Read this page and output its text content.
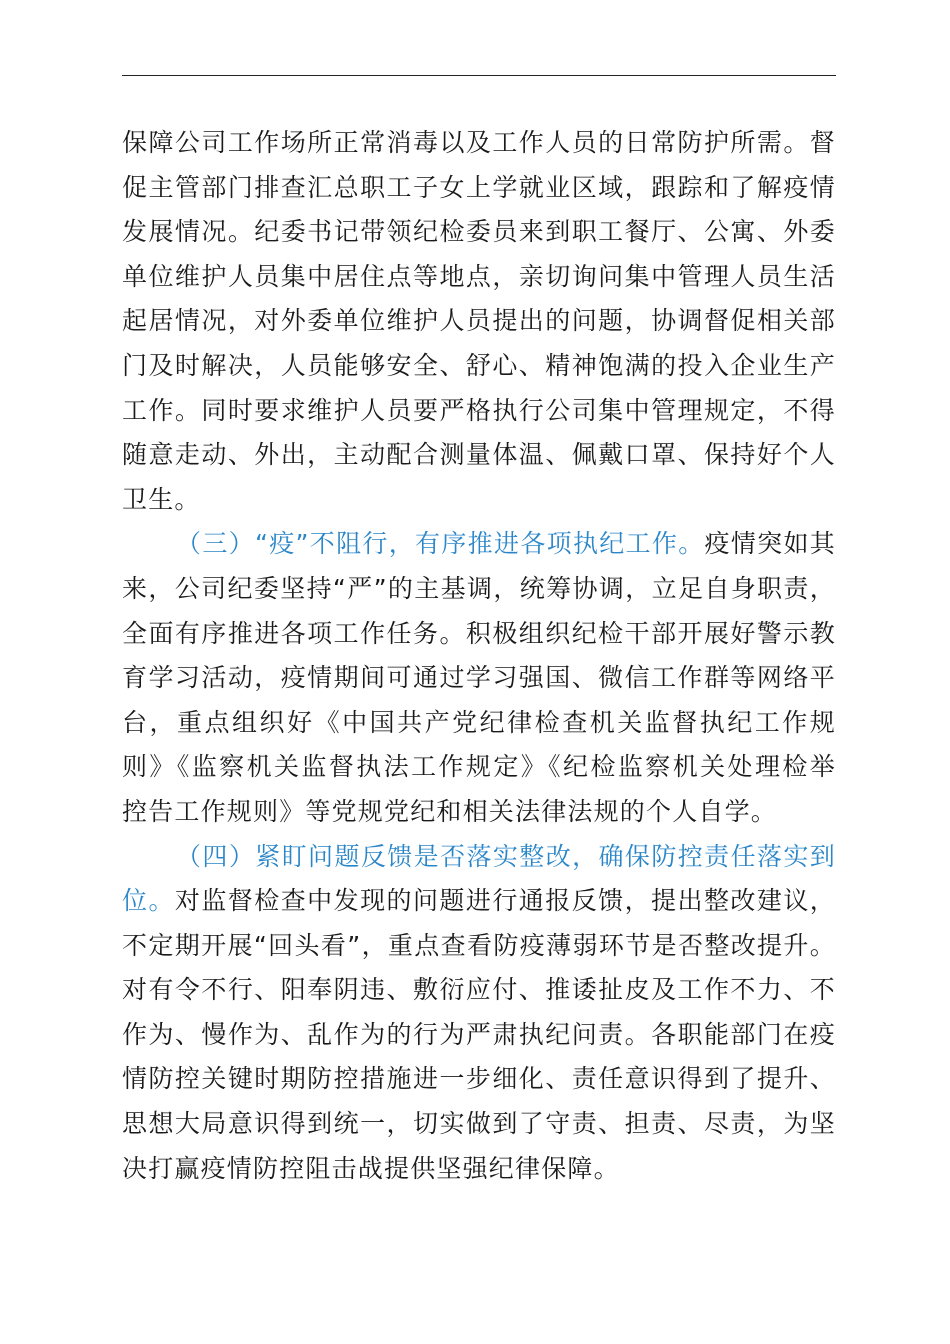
保障公司工作场所正常消毒以及工作人员的日常防护所需。督
促主管部门排查汇总职工子女上学就业区域，跟踪和了解疫情
发展情况。纪委书记带领纪检委员来到职工餐厅、公寓、外委
单位维护人员集中居住点等地点，亲切询问集中管理人员生活
起居情况，对外委单位维护人员提出的问题，协调督促相关部
门及时解决，人员能够安全、舒心、精神饱满的投入企业生产
工作。同时要求维护人员要严格执行公司集中管理规定，不得
随意走动、外出，主动配合测量体温、佩戴口罩、保持好个人
卫生。
（三）“疫”不阻行，有序推进各项执纪工作。疫情突如其
来，公司纪委坚持“严”的主基调，统筹协调，立足自身职责，
全面有序推进各项工作任务。积极组织纪检干部开展好警示教
育学习活动，疫情期间可通过学习强国、微信工作群等网络平
台，重点组织好《中国共产党纪律检查机关监督执纪工作规
则》《监察机关监督执法工作规定》《纪检监察机关处理检举
控告工作规则》等党规党纪和相关法律法规的个人自学。
（四）紧盯问题反馈是否落实整改，确保防控责任落实到
位。对监督检查中发现的问题进行通报反馈，提出整改建议，
不定期开展“回头看”，重点查看防疫薄弱环节是否整改提升。
对有令不行、阳奉阴违、敷衍应付、推诿扯皮及工作不力、不
作为、慢作为、乱作为的行为严肃执纪问责。各职能部门在疫
情防控关键时期防控措施进一步细化、责任意识得到了提升、
思想大局意识得到统一，切实做到了守责、担责、尽责，为坚
决打赢疫情防控阻击战提供坚强纪律保障。
